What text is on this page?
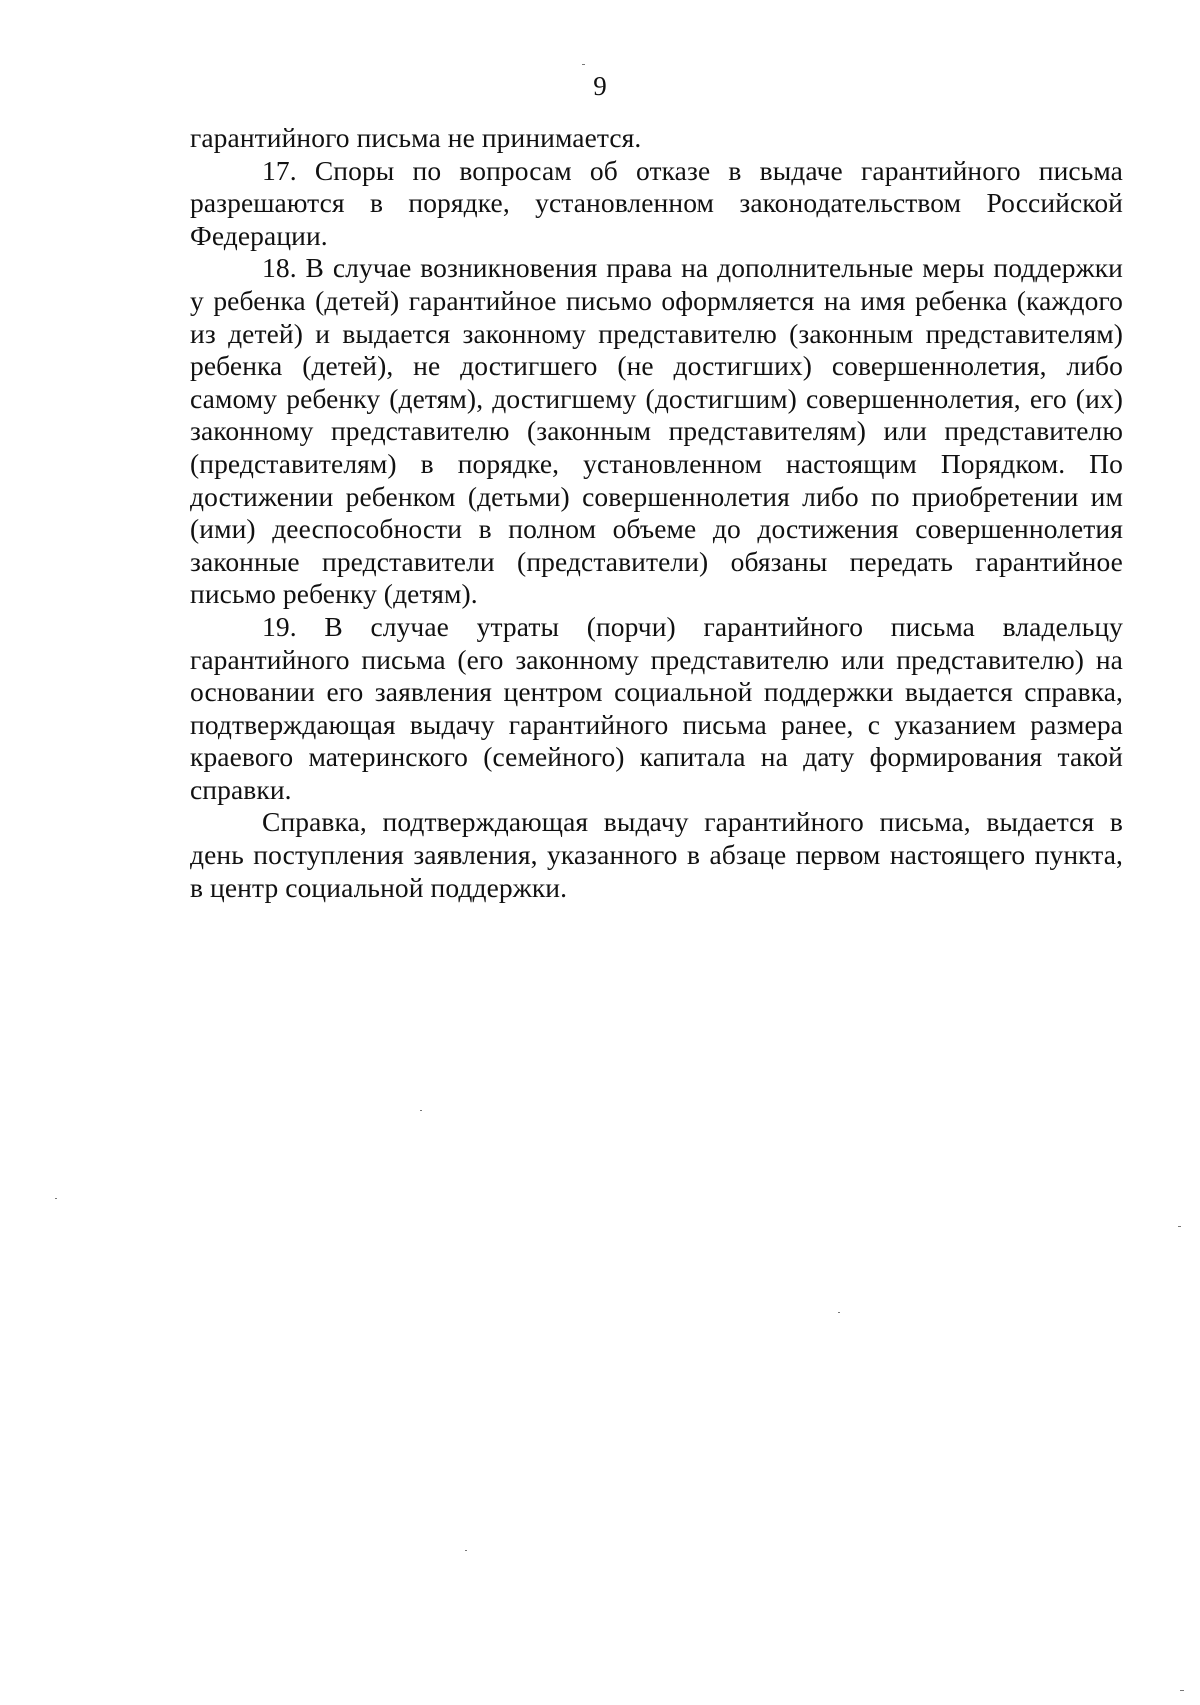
9

гарантийного письма не принимается.

17. Споры по вопросам об отказе в выдаче гарантийного письма разрешаются в порядке, установленном законодательством Российской Федерации.

18. В случае возникновения права на дополнительные меры поддержки у ребенка (детей) гарантийное письмо оформляется на имя ребенка (каждого из детей) и выдается законному представителю (законным представителям) ребенка (детей), не достигшего (не достигших) совершеннолетия, либо самому ребенку (детям), достигшему (достигшим) совершеннолетия, его (их) законному представителю (законным представителям) или представителю (представителям) в порядке, установленном настоящим Порядком. По достижении ребенком (детьми) совершеннолетия либо по приобретении им (ими) дееспособности в полном объеме до достижения совершеннолетия законные представители (представители) обязаны передать гарантийное письмо ребенку (детям).

19. В случае утраты (порчи) гарантийного письма владельцу гарантийного письма (его законному представителю или представителю) на основании его заявления центром социальной поддержки выдается справка, подтверждающая выдачу гарантийного письма ранее, с указанием размера краевого материнского (семейного) капитала на дату формирования такой справки.

Справка, подтверждающая выдачу гарантийного письма, выдается в день поступления заявления, указанного в абзаце первом настоящего пункта, в центр социальной поддержки.
